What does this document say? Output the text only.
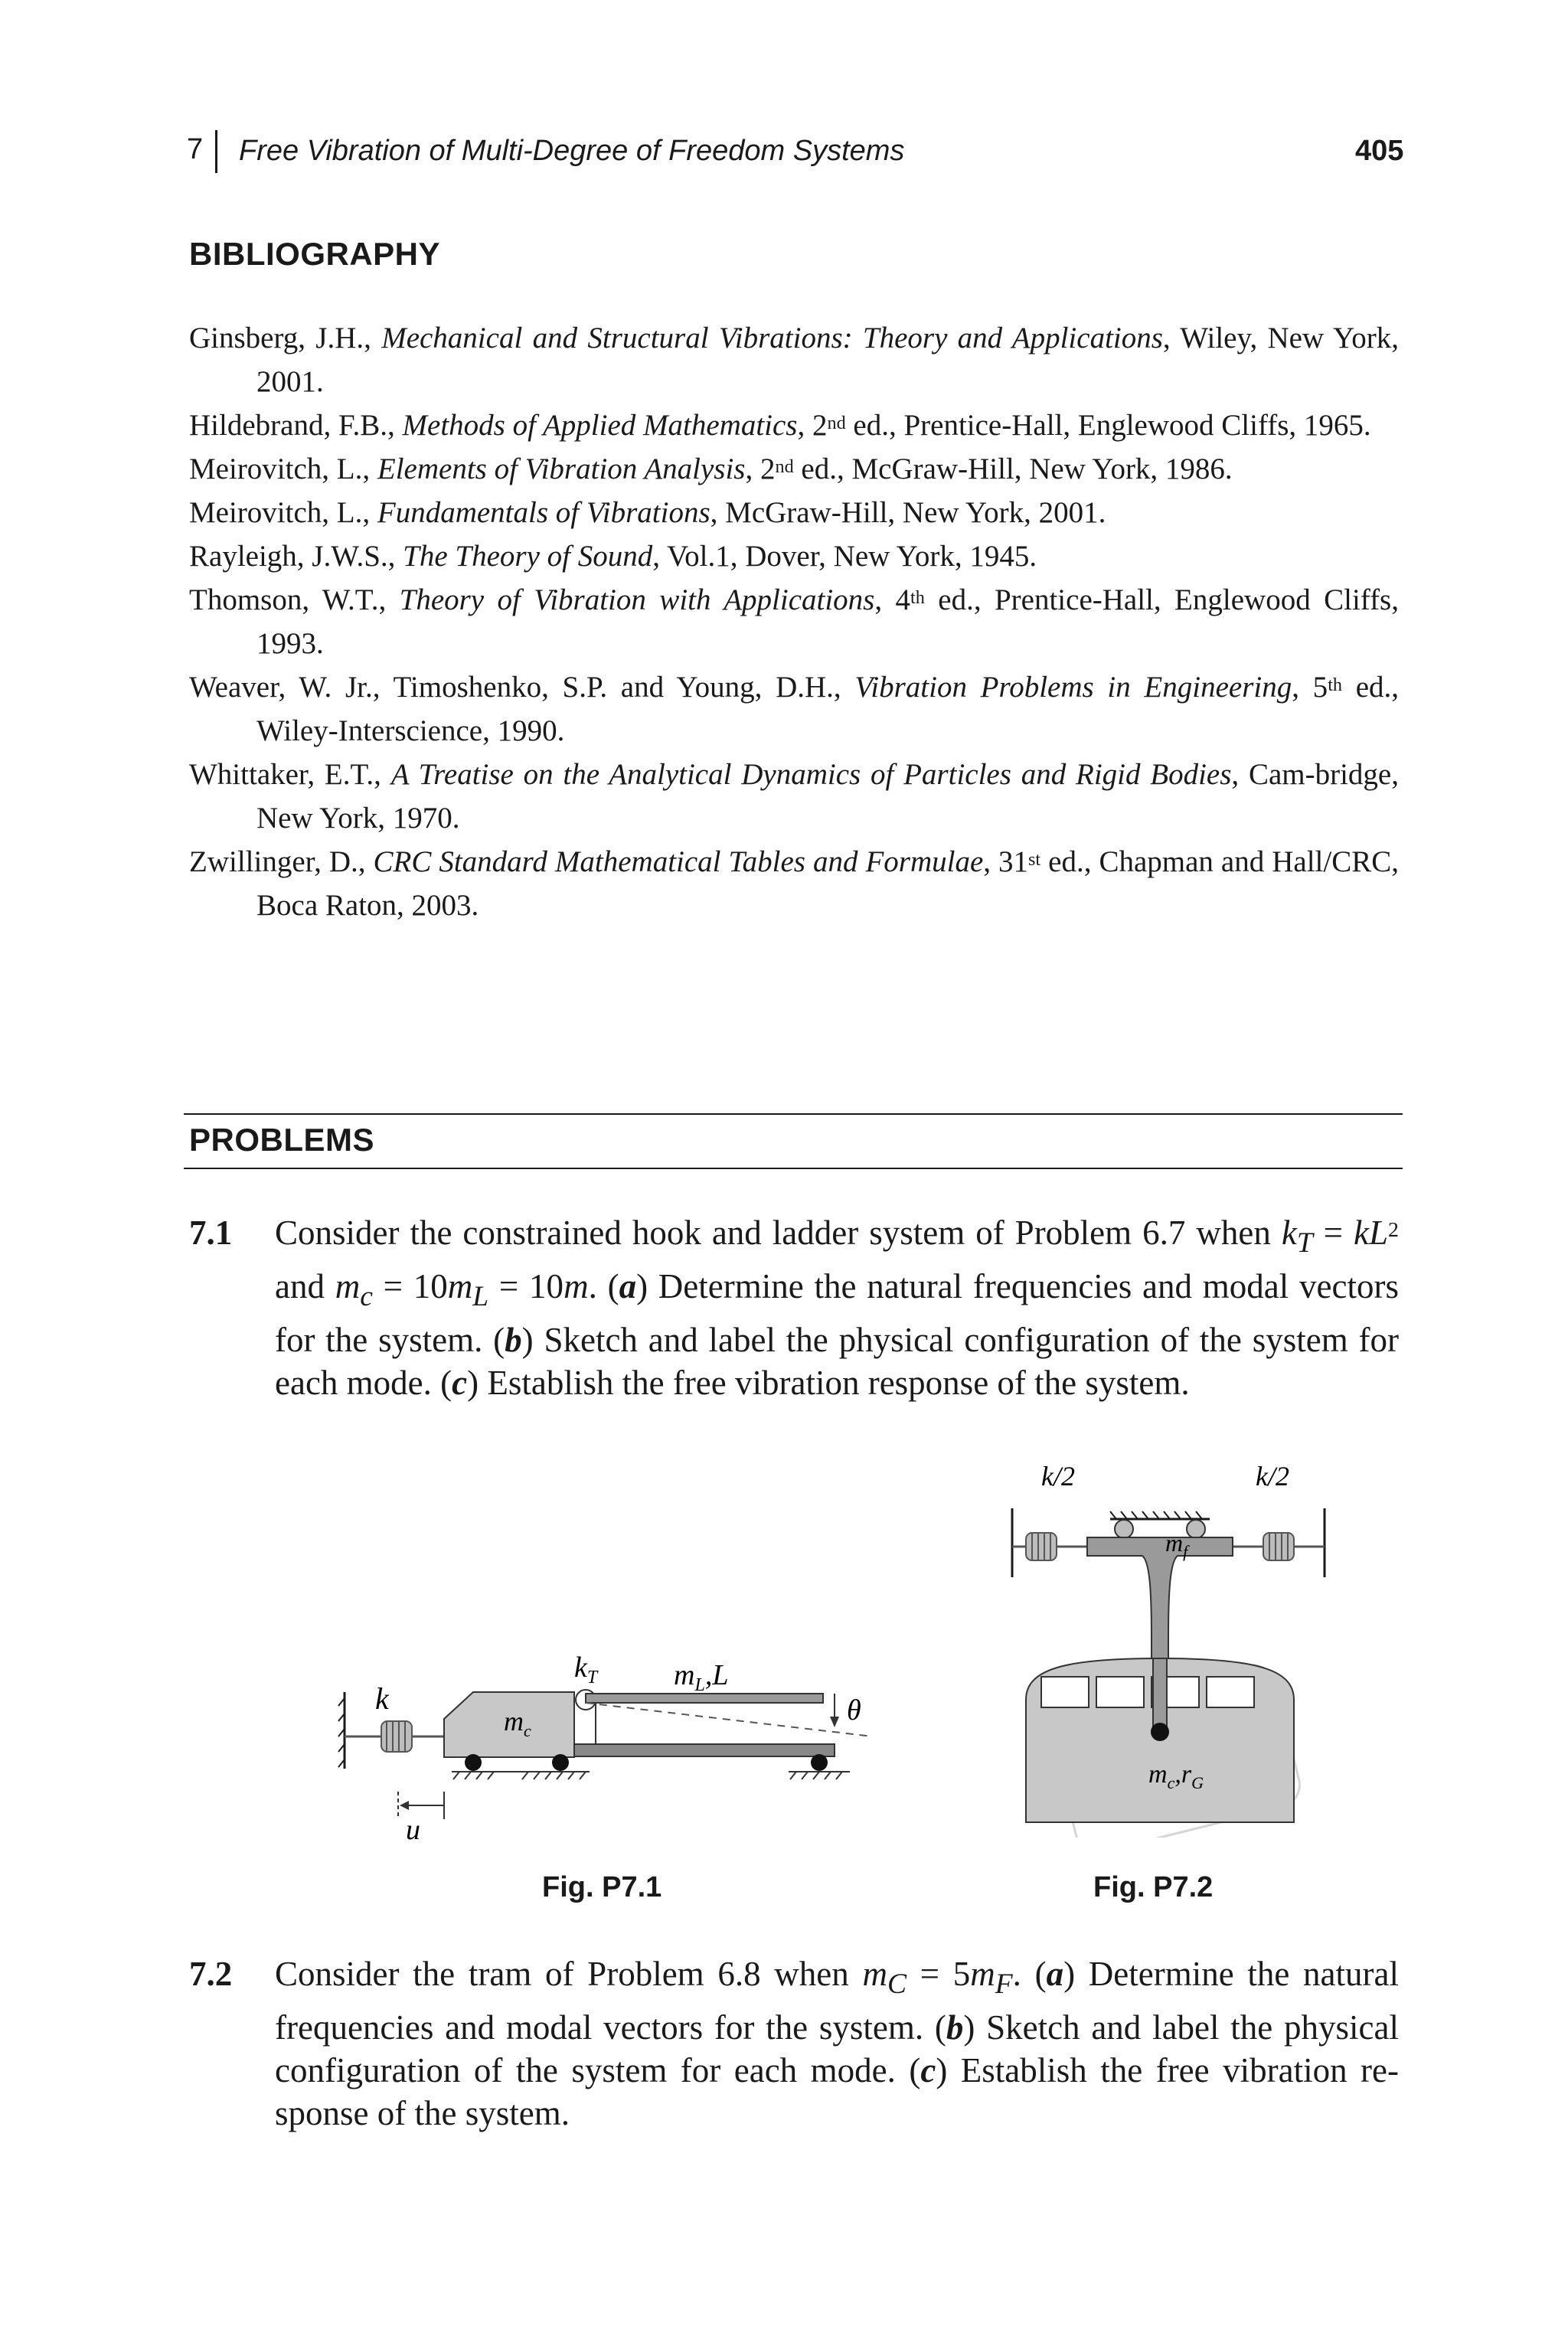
7 Free Vibration of Multi-Degree of Freedom Systems	405
BIBLIOGRAPHY
Ginsberg, J.H., Mechanical and Structural Vibrations: Theory and Applications, Wiley, New York, 2001.
Hildebrand, F.B., Methods of Applied Mathematics, 2nd ed., Prentice-Hall, Englewood Cliffs, 1965.
Meirovitch, L., Elements of Vibration Analysis, 2nd ed., McGraw-Hill, New York, 1986.
Meirovitch, L., Fundamentals of Vibrations, McGraw-Hill, New York, 2001.
Rayleigh, J.W.S., The Theory of Sound, Vol.1, Dover, New York, 1945.
Thomson, W.T., Theory of Vibration with Applications, 4th ed., Prentice-Hall, Englewood Cliffs, 1993.
Weaver, W. Jr., Timoshenko, S.P. and Young, D.H., Vibration Problems in Engineering, 5th ed., Wiley-Interscience, 1990.
Whittaker, E.T., A Treatise on the Analytical Dynamics of Particles and Rigid Bodies, Cam-bridge, New York, 1970.
Zwillinger, D., CRC Standard Mathematical Tables and Formulae, 31st ed., Chapman and Hall/CRC, Boca Raton, 2003.
PROBLEMS
7.1 Consider the constrained hook and ladder system of Problem 6.7 when $k_T = kL^2$ and $m_c = 10m_L = 10m$. (a) Determine the natural frequencies and modal vectors for the system. (b) Sketch and label the physical configuration of the system for each mode. (c) Establish the free vibration response of the system.
k
$k_T$	$m_L,L$
$m_c$
θ
u
k/2	k/2
$m_f$
$m_c,r_G$
Fig. P7.1	Fig. P7.2
7.2 Consider the tram of Problem 6.8 when $m_C = 5m_F$. (a) Determine the natural frequencies and modal vectors for the system. (b) Sketch and label the physical configuration of the system for each mode. (c) Establish the free vibration re-sponse of the system.
